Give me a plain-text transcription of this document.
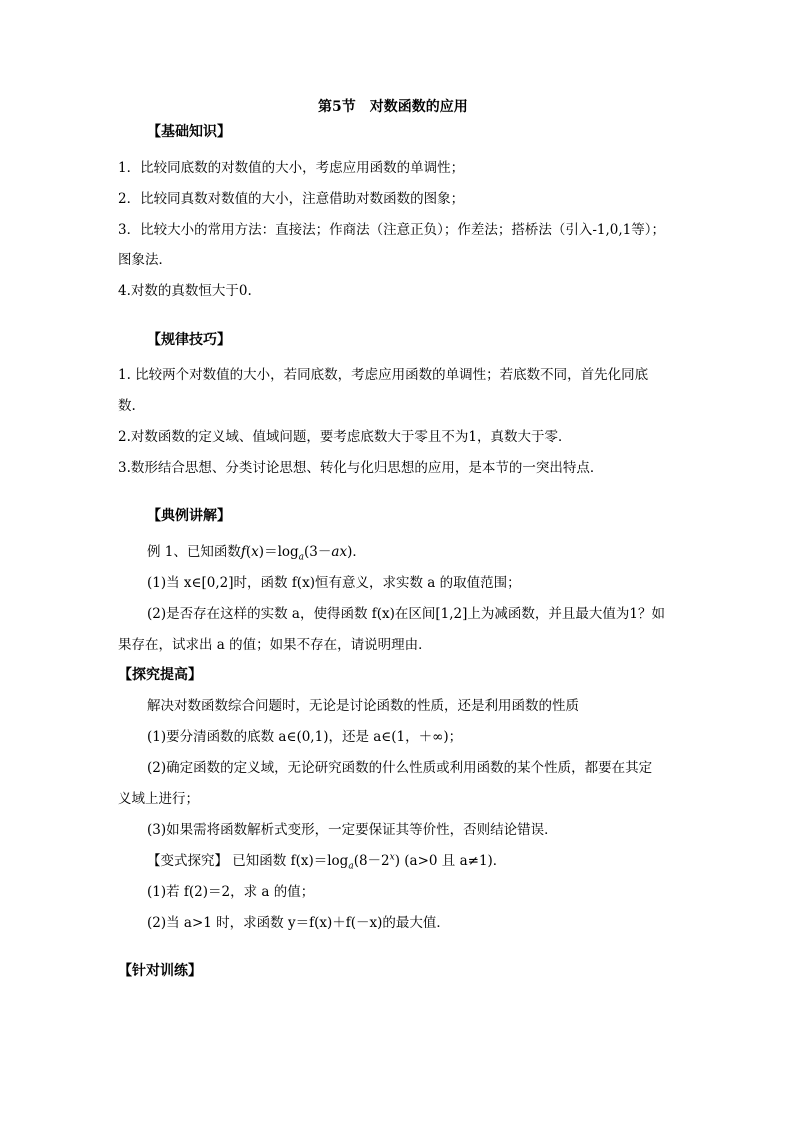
第5节　对数函数的应用
【基础知识】
1．比较同底数的对数值的大小，考虑应用函数的单调性；
2．比较同真数对数值的大小，注意借助对数函数的图象；
3．比较大小的常用方法：直接法；作商法（注意正负）；作差法；搭桥法（引入-1,0,1等）；
图象法．
4.对数的真数恒大于0.
【规律技巧】
1. 比较两个对数值的大小，若同底数，考虑应用函数的单调性；若底数不同，首先化同底
数.
2.对数函数的定义域、值域问题，要考虑底数大于零且不为1，真数大于零．
3.数形结合思想、分类讨论思想、转化与化归思想的应用，是本节的一突出特点．
【典例讲解】
例 1、已知函数$f(x)=\log_a(3-ax)$．
(1)当 x∈[0,2]时，函数 f(x)恒有意义，求实数 a 的取值范围；
(2)是否存在这样的实数 a，使得函数 f(x)在区间[1,2]上为减函数，并且最大值为1？如
果存在，试求出 a 的值；如果不存在，请说明理由．
【探究提高】
解决对数函数综合问题时，无论是讨论函数的性质，还是利用函数的性质
(1)要分清函数的底数 a∈(0,1)，还是 a∈(1，＋∞)；
(2)确定函数的定义域，无论研究函数的什么性质或利用函数的某个性质，都要在其定
义域上进行；
(3)如果需将函数解析式变形，一定要保证其等价性，否则结论错误．
【变式探究】 已知函数 $f(x)=\log_a(8-2^x)$ (a>0 且 a≠1)．
(1)若 f(2)＝2，求 a 的值；
(2)当 a>1 时，求函数 y＝f(x)＋f(－x)的最大值．
【针对训练】
